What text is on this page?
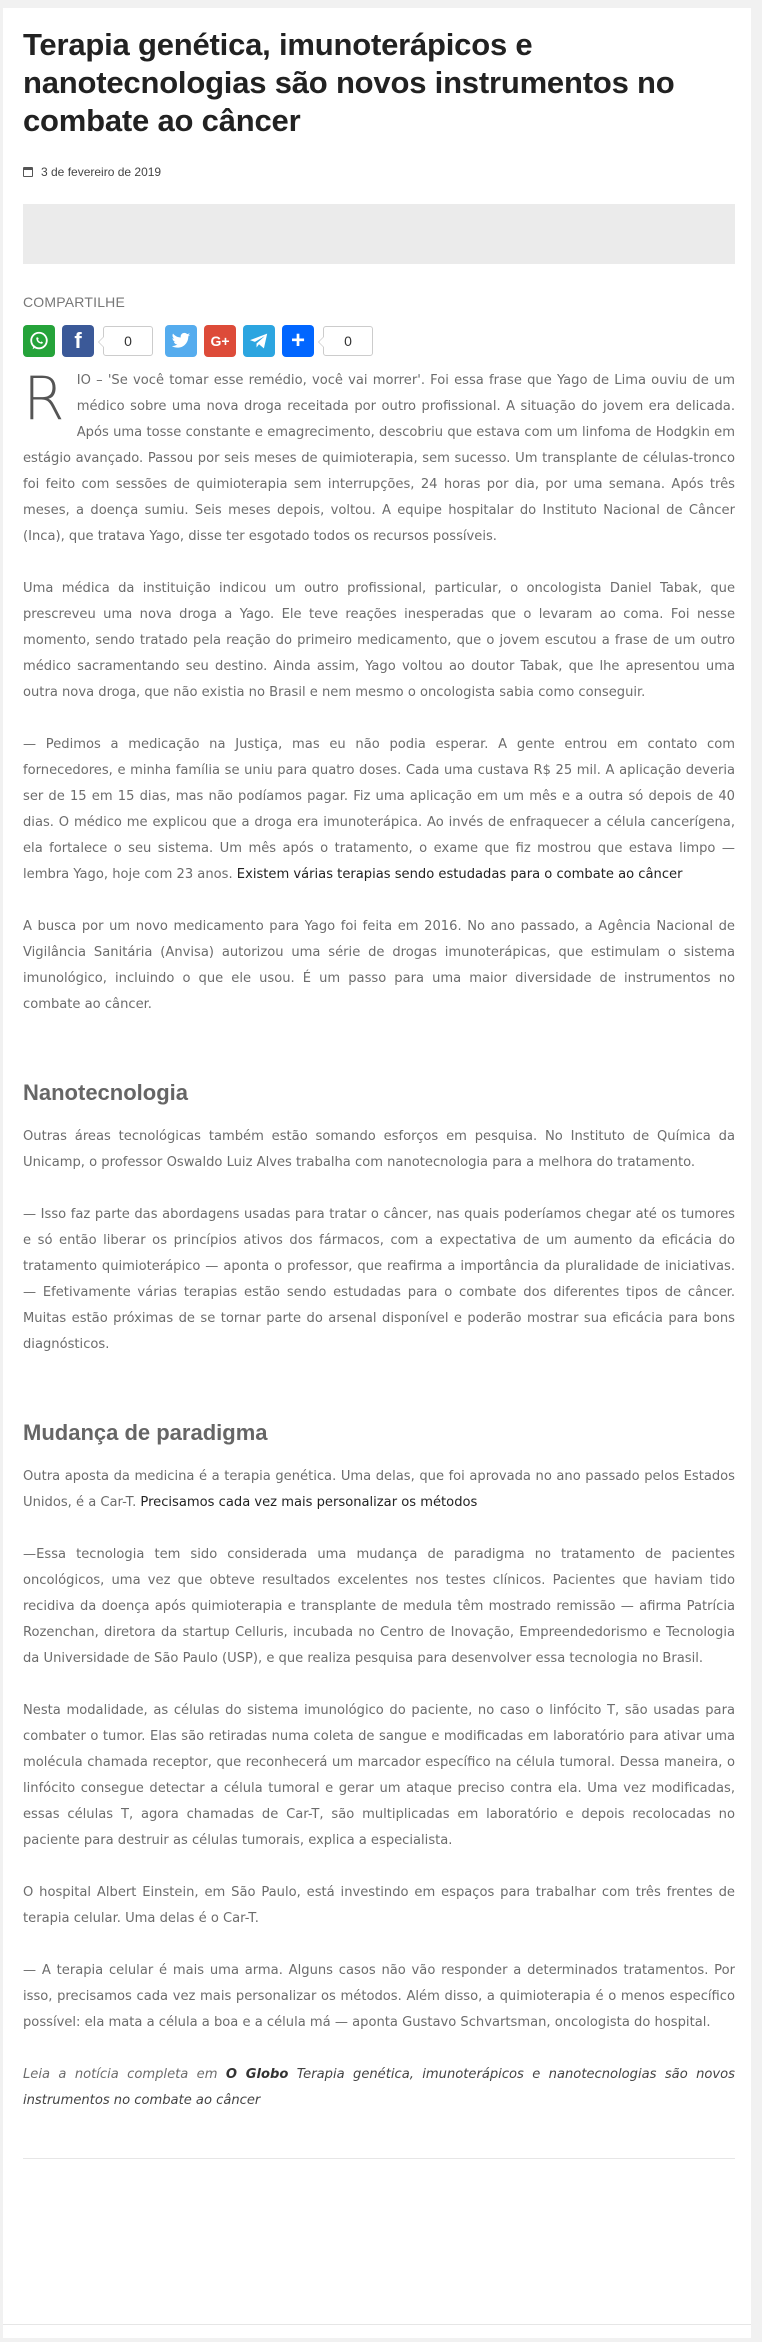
Terapia genética, imunoterápicos e nanotecnologias são novos instrumentos no combate ao câncer
3 de fevereiro de 2019
COMPARTILHE
f	0	G+	+	0

RIO – 'Se você tomar esse remédio, você vai morrer'. Foi essa frase que Yago de Lima ouviu de um médico sobre uma nova droga receitada por outro profissional. A situação do jovem era delicada. Após uma tosse constante e emagrecimento, descobriu que estava com um linfoma de Hodgkin em estágio avançado. Passou por seis meses de quimioterapia, sem sucesso. Um transplante de células-tronco foi feito com sessões de quimioterapia sem interrupções, 24 horas por dia, por uma semana. Após três meses, a doença sumiu. Seis meses depois, voltou. A equipe hospitalar do Instituto Nacional de Câncer (Inca), que tratava Yago, disse ter esgotado todos os recursos possíveis.

Uma médica da instituição indicou um outro profissional, particular, o oncologista Daniel Tabak, que prescreveu uma nova droga a Yago. Ele teve reações inesperadas que o levaram ao coma. Foi nesse momento, sendo tratado pela reação do primeiro medicamento, que o jovem escutou a frase de um outro médico sacramentando seu destino. Ainda assim, Yago voltou ao doutor Tabak, que lhe apresentou uma outra nova droga, que não existia no Brasil e nem mesmo o oncologista sabia como conseguir.

— Pedimos a medicação na Justiça, mas eu não podia esperar. A gente entrou em contato com fornecedores, e minha família se uniu para quatro doses. Cada uma custava R$ 25 mil. A aplicação deveria ser de 15 em 15 dias, mas não podíamos pagar. Fiz uma aplicação em um mês e a outra só depois de 40 dias. O médico me explicou que a droga era imunoterápica. Ao invés de enfraquecer a célula cancerígena, ela fortalece o seu sistema. Um mês após o tratamento, o exame que fiz mostrou que estava limpo — lembra Yago, hoje com 23 anos. Existem várias terapias sendo estudadas para o combate ao câncer

A busca por um novo medicamento para Yago foi feita em 2016. No ano passado, a Agência Nacional de Vigilância Sanitária (Anvisa) autorizou uma série de drogas imunoterápicas, que estimulam o sistema imunológico, incluindo o que ele usou. É um passo para uma maior diversidade de instrumentos no combate ao câncer.

Nanotecnologia

Outras áreas tecnológicas também estão somando esforços em pesquisa. No Instituto de Química da Unicamp, o professor Oswaldo Luiz Alves trabalha com nanotecnologia para a melhora do tratamento.

— Isso faz parte das abordagens usadas para tratar o câncer, nas quais poderíamos chegar até os tumores e só então liberar os princípios ativos dos fármacos, com a expectativa de um aumento da eficácia do tratamento quimioterápico — aponta o professor, que reafirma a importância da pluralidade de iniciativas. — Efetivamente várias terapias estão sendo estudadas para o combate dos diferentes tipos de câncer. Muitas estão próximas de se tornar parte do arsenal disponível e poderão mostrar sua eficácia para bons diagnósticos.

Mudança de paradigma

Outra aposta da medicina é a terapia genética. Uma delas, que foi aprovada no ano passado pelos Estados Unidos, é a Car-T. Precisamos cada vez mais personalizar os métodos

—Essa tecnologia tem sido considerada uma mudança de paradigma no tratamento de pacientes oncológicos, uma vez que obteve resultados excelentes nos testes clínicos. Pacientes que haviam tido recidiva da doença após quimioterapia e transplante de medula têm mostrado remissão — afirma Patrícia Rozenchan, diretora da startup Celluris, incubada no Centro de Inovação, Empreendedorismo e Tecnologia da Universidade de São Paulo (USP), e que realiza pesquisa para desenvolver essa tecnologia no Brasil.

Nesta modalidade, as células do sistema imunológico do paciente, no caso o linfócito T, são usadas para combater o tumor. Elas são retiradas numa coleta de sangue e modificadas em laboratório para ativar uma molécula chamada receptor, que reconhecerá um marcador específico na célula tumoral. Dessa maneira, o linfócito consegue detectar a célula tumoral e gerar um ataque preciso contra ela. Uma vez modificadas, essas células T, agora chamadas de Car-T, são multiplicadas em laboratório e depois recolocadas no paciente para destruir as células tumorais, explica a especialista.

O hospital Albert Einstein, em São Paulo, está investindo em espaços para trabalhar com três frentes de terapia celular. Uma delas é o Car-T.

— A terapia celular é mais uma arma. Alguns casos não vão responder a determinados tratamentos. Por isso, precisamos cada vez mais personalizar os métodos. Além disso, a quimioterapia é o menos específico possível: ela mata a célula a boa e a célula má — aponta Gustavo Schvartsman, oncologista do hospital.

Leia a notícia completa em O Globo Terapia genética, imunoterápicos e nanotecnologias são novos instrumentos no combate ao câncer
